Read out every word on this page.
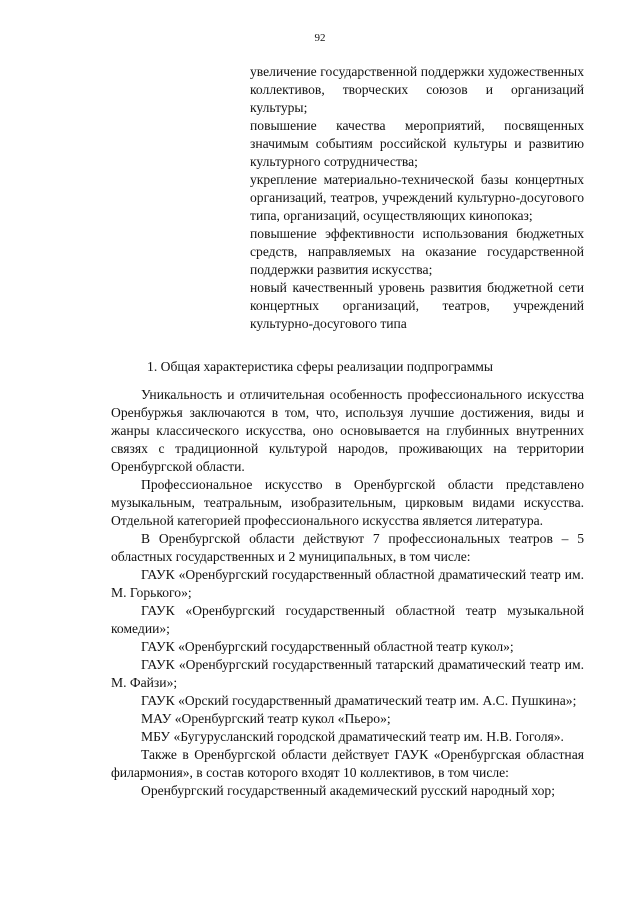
92

увеличение государственной поддержки художественных коллективов, творческих союзов и организаций культуры;

повышение качества мероприятий, посвященных значимым событиям российской культуры и развитию культурного сотрудничества;

укрепление материально-технической базы концертных организаций, театров, учреждений культурно-досугового типа, организаций, осуществляющих кинопоказ;

повышение эффективности использования бюджетных средств, направляемых на оказание государственной поддержки развития искусства;

новый качественный уровень развития бюджетной сети концертных организаций, театров, учреждений культурно-досугового типа

1. Общая характеристика сферы реализации подпрограммы

Уникальность и отличительная особенность профессионального искусства Оренбуржья заключаются в том, что, используя лучшие достижения, виды и жанры классического искусства, оно основывается на глубинных внутренних связях с традиционной культурой народов, проживающих на территории Оренбургской области.

Профессиональное искусство в Оренбургской области представлено музыкальным, театральным, изобразительным, цирковым видами искусства. Отдельной категорией профессионального искусства является литература.

В Оренбургской области действуют 7 профессиональных театров – 5 областных государственных и 2 муниципальных, в том числе:

ГАУК «Оренбургский государственный областной драматический театр им. М. Горького»;

ГАУК «Оренбургский государственный областной театр музыкальной комедии»;

ГАУК «Оренбургский государственный областной театр кукол»;

ГАУК «Оренбургский государственный татарский драматический театр им. М. Файзи»;

ГАУК «Орский государственный драматический театр им. А.С. Пушкина»;

МАУ «Оренбургский театр кукол «Пьеро»;

МБУ «Бугурусланский городской драматический театр им. Н.В. Гоголя».

Также в Оренбургской области действует ГАУК «Оренбургская областная филармония», в состав которого входят 10 коллективов, в том числе:

Оренбургский государственный академический русский народный хор;
